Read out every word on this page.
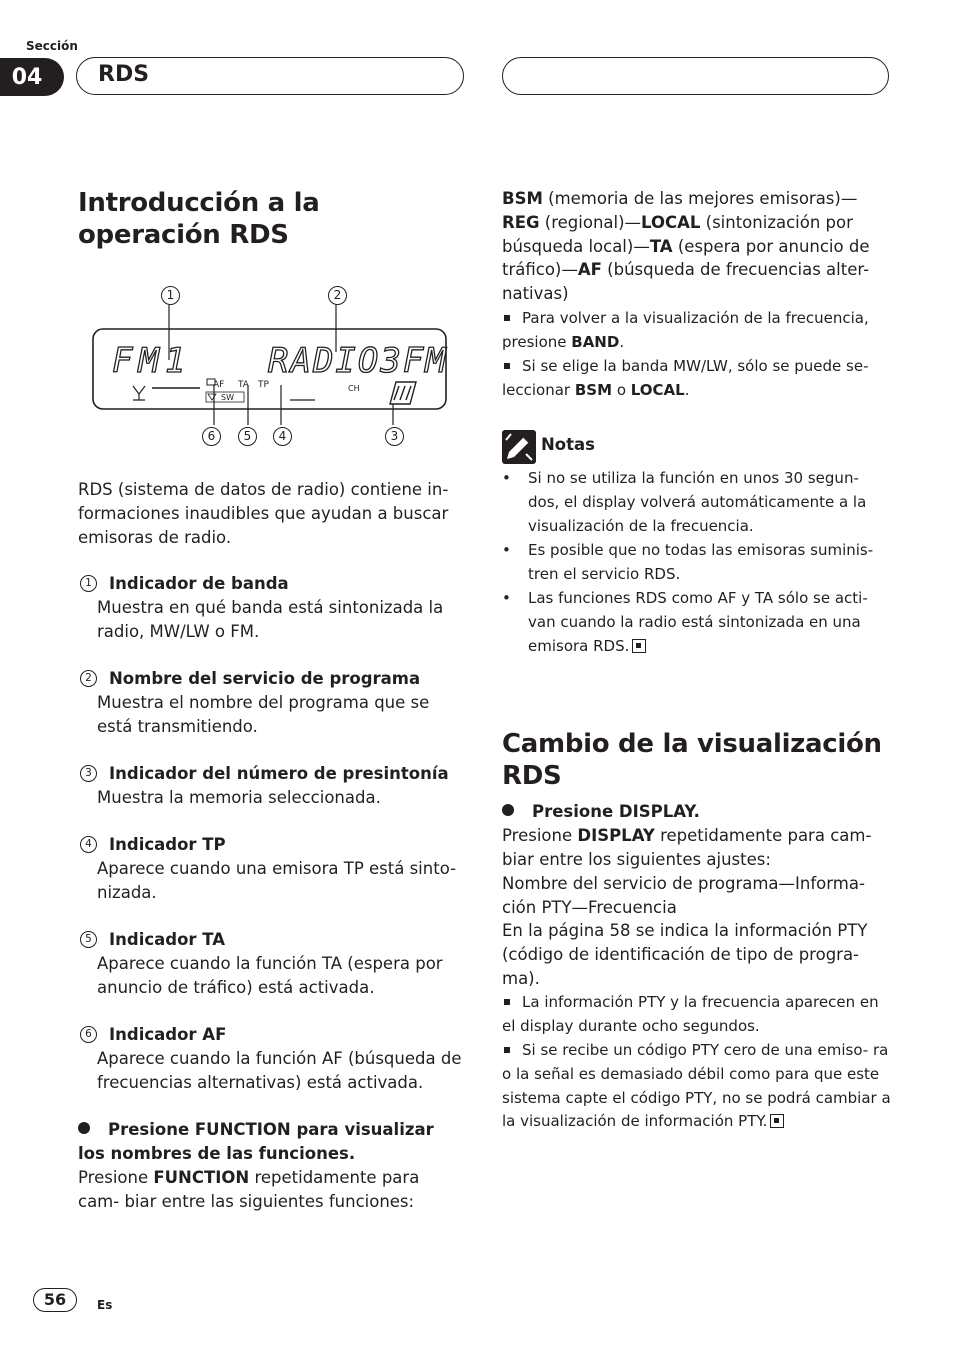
Sección
04	RDS
Introducción a la operación RDS
FM1 RADIO3FM
AF TA TP
SW
CH
1	2
6	5	4	3
RDS (sistema de datos de radio) contiene in- formaciones inaudibles que ayudan a buscar emisoras de radio.
1	Indicador de banda
Muestra en qué banda está sintonizada la radio, MW/LW o FM.
2	Nombre del servicio de programa
Muestra el nombre del programa que se está transmitiendo.
3	Indicador del número de presintonía
Muestra la memoria seleccionada.
4	Indicador TP
Aparece cuando una emisora TP está sinto- nizada.
5	Indicador TA
Aparece cuando la función TA (espera por anuncio de tráfico) está activada.
6	Indicador AF
Aparece cuando la función AF (búsqueda de frecuencias alternativas) está activada.
Presione FUNCTION para visualizar los nombres de las funciones.
Presione FUNCTION repetidamente para cam- biar entre las siguientes funciones:
BSM (memoria de las mejores emisoras)—REG (regional)—LOCAL (sintonización por búsqueda local)—TA (espera por anuncio de tráfico)—AF (búsqueda de frecuencias alter- nativas)
Para volver a la visualización de la frecuencia, presione BAND.
Si se elige la banda MW/LW, sólo se puede se- leccionar BSM o LOCAL.
Notas
•	Si no se utiliza la función en unos 30 segun- dos, el display volverá automáticamente a la visualización de la frecuencia.
•	Es posible que no todas las emisoras suminis- tren el servicio RDS.
•	Las funciones RDS como AF y TA sólo se acti- van cuando la radio está sintonizada en una emisora RDS.
Cambio de la visualización RDS
Presione DISPLAY.
Presione DISPLAY repetidamente para cam- biar entre los siguientes ajustes:
Nombre del servicio de programa—Informa- ción PTY—Frecuencia
En la página 58 se indica la información PTY (código de identificación de tipo de progra- ma).
La información PTY y la frecuencia aparecen en el display durante ocho segundos.
Si se recibe un código PTY cero de una emiso- ra o la señal es demasiado débil como para que este sistema capte el código PTY, no se podrá cambiar a la visualización de información PTY.
56	Es
